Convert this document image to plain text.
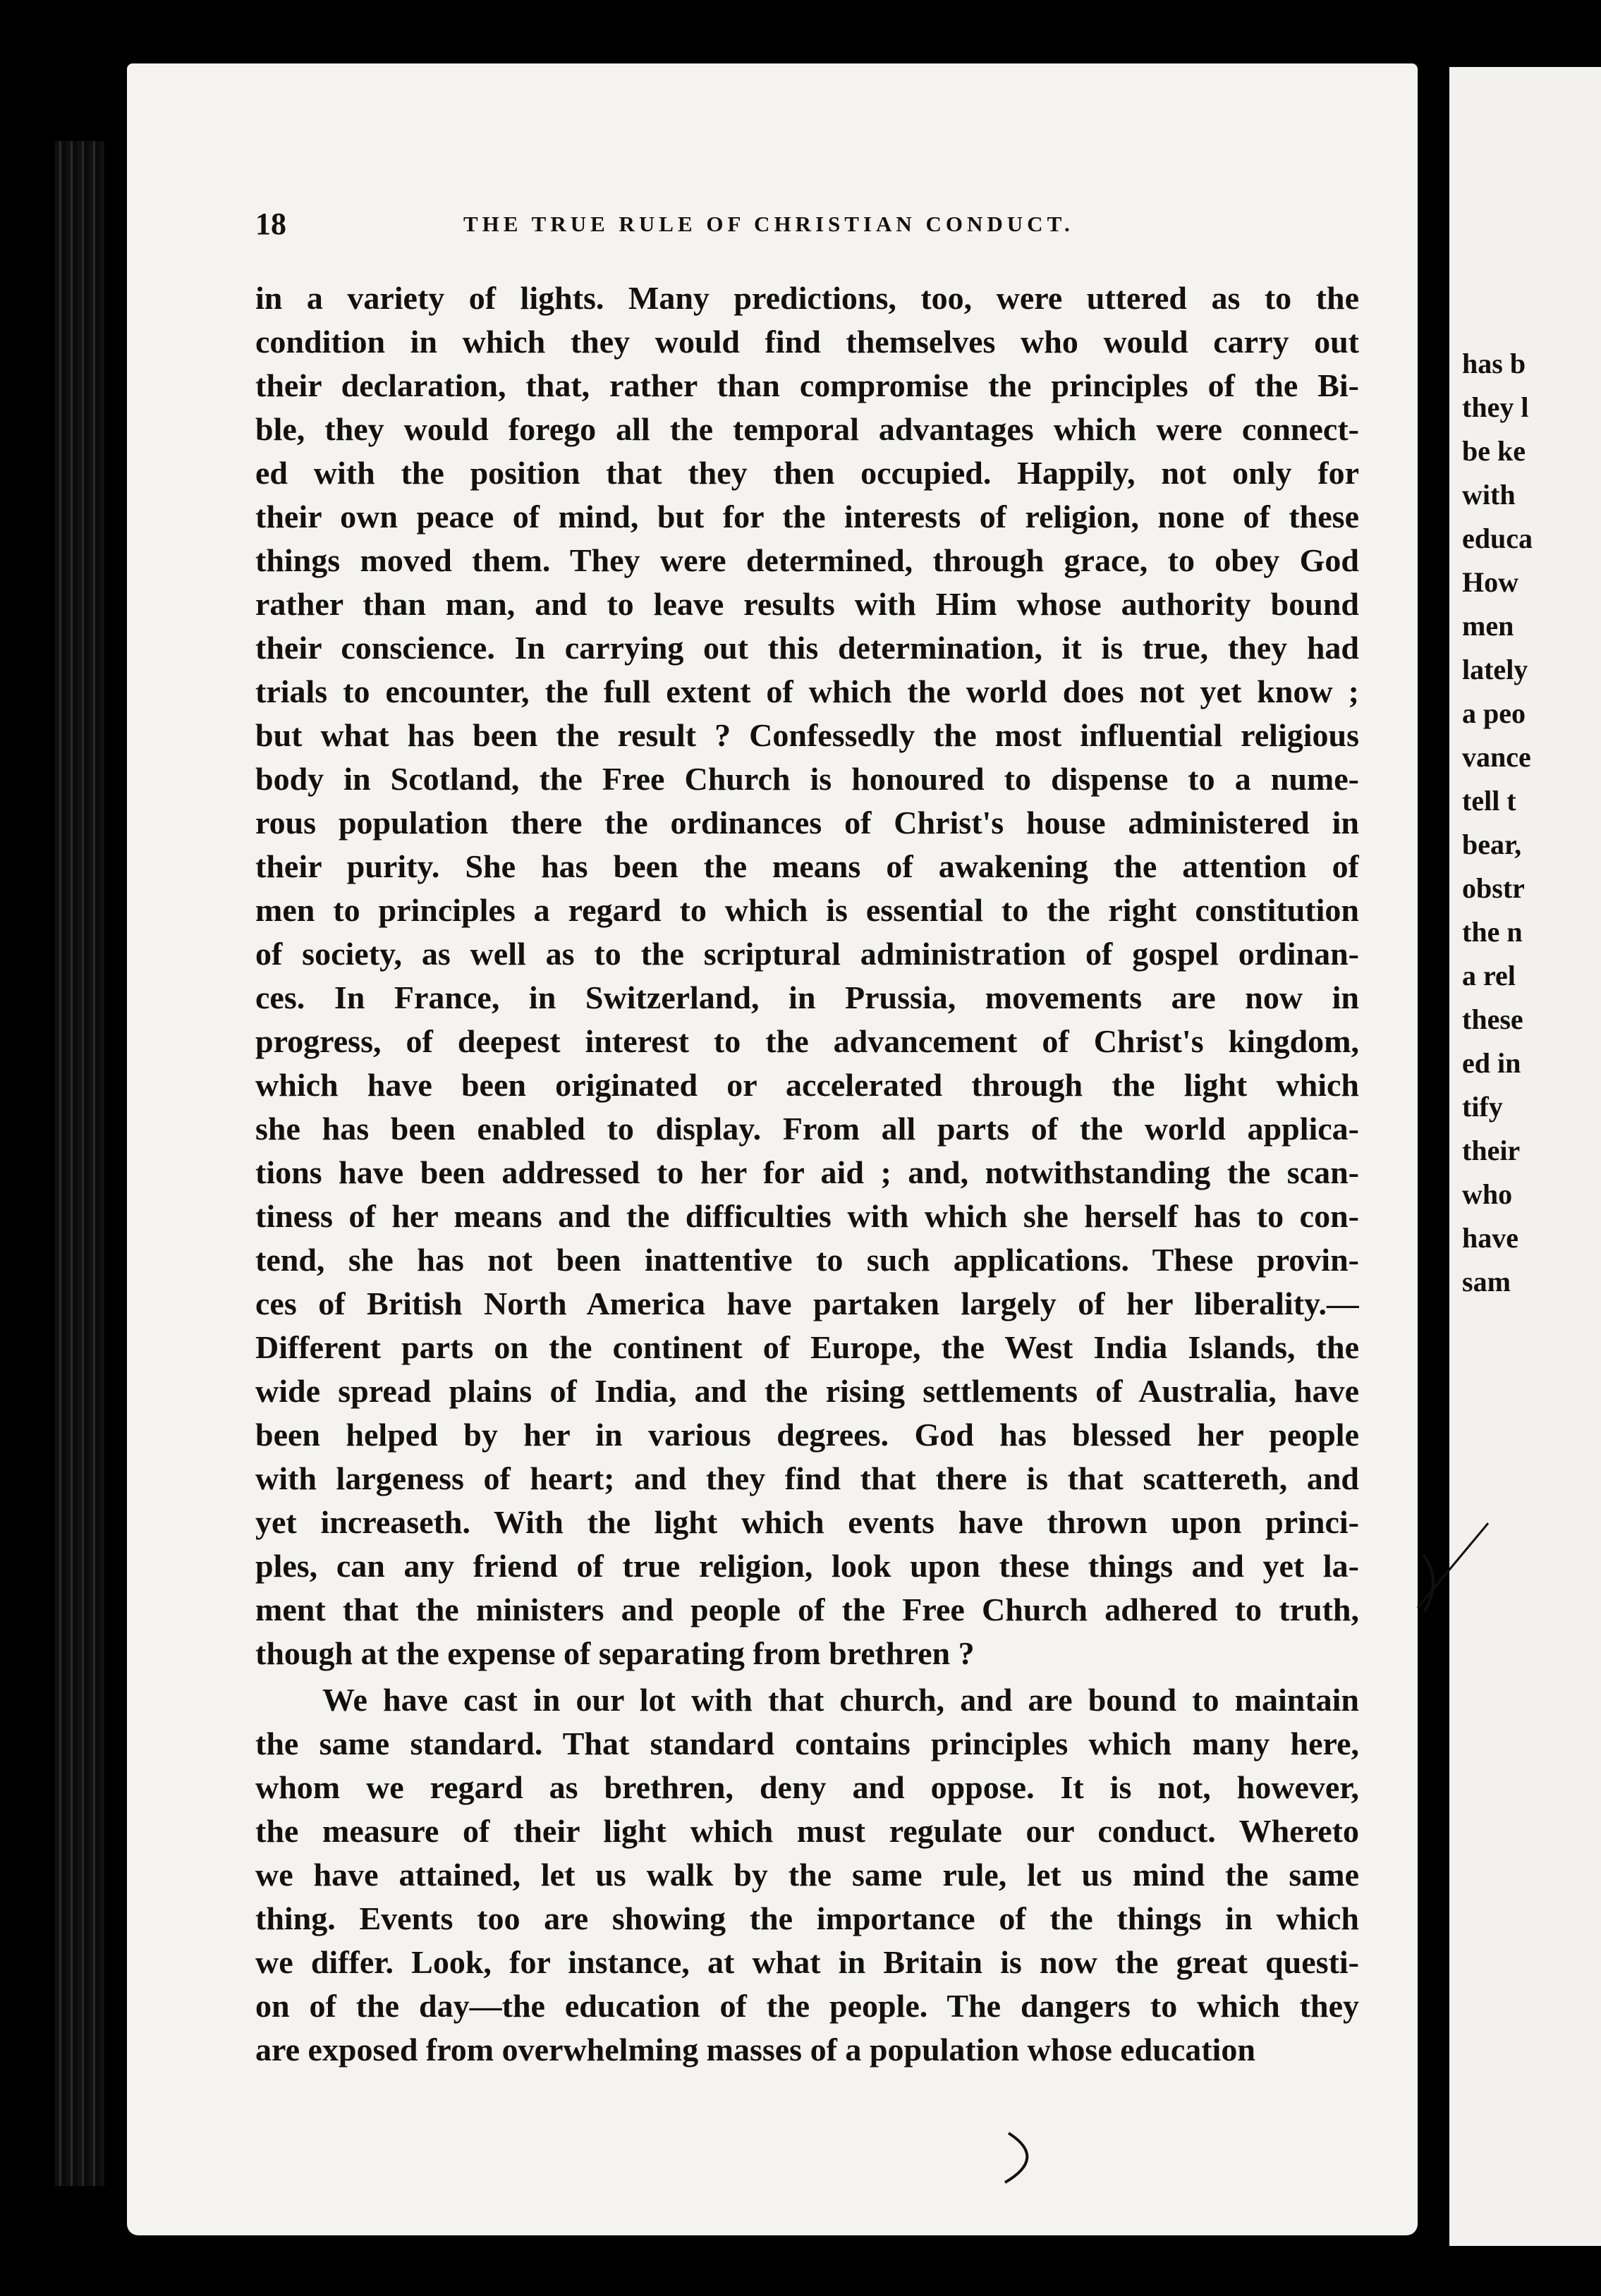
18	THE TRUE RULE OF CHRISTIAN CONDUCT.
in a variety of lights. Many predictions, too, were uttered as to the
condition in which they would find themselves who would carry out
their declaration, that, rather than compromise the principles of the Bi-
ble, they would forego all the temporal advantages which were connect-
ed with the position that they then occupied. Happily, not only for
their own peace of mind, but for the interests of religion, none of these
things moved them. They were determined, through grace, to obey God
rather than man, and to leave results with Him whose authority bound
their conscience. In carrying out this determination, it is true, they had
trials to encounter, the full extent of which the world does not yet know ;
but what has been the result ? Confessedly the most influential religious
body in Scotland, the Free Church is honoured to dispense to a nume-
rous population there the ordinances of Christ's house administered in
their purity. She has been the means of awakening the attention of
men to principles a regard to which is essential to the right constitution
of society, as well as to the scriptural administration of gospel ordinan-
ces. In France, in Switzerland, in Prussia, movements are now in
progress, of deepest interest to the advancement of Christ's kingdom,
which have been originated or accelerated through the light which
she has been enabled to display. From all parts of the world applica-
tions have been addressed to her for aid ; and, notwithstanding the scan-
tiness of her means and the difficulties with which she herself has to con-
tend, she has not been inattentive to such applications. These provin-
ces of British North America have partaken largely of her liberality.—
Different parts on the continent of Europe, the West India Islands, the
wide spread plains of India, and the rising settlements of Australia, have
been helped by her in various degrees. God has blessed her people
with largeness of heart; and they find that there is that scattereth, and
yet increaseth. With the light which events have thrown upon princi-
ples, can any friend of true religion, look upon these things and yet la-
ment that the ministers and people of the Free Church adhered to truth,
though at the expense of separating from brethren ?
We have cast in our lot with that church, and are bound to maintain
the same standard. That standard contains principles which many here,
whom we regard as brethren, deny and oppose. It is not, however,
the measure of their light which must regulate our conduct. Whereto
we have attained, let us walk by the same rule, let us mind the same
thing. Events too are showing the importance of the things in which
we differ. Look, for instance, at what in Britain is now the great questi-
on of the day—the education of the people. The dangers to which they
are exposed from overwhelming masses of a population whose education
has b
they l
be ke
with
educa
How
men
lately
a peo
vance
tell t
bear,
obstr
the n
a rel
these
ed in
tify
their
who
have
sam
